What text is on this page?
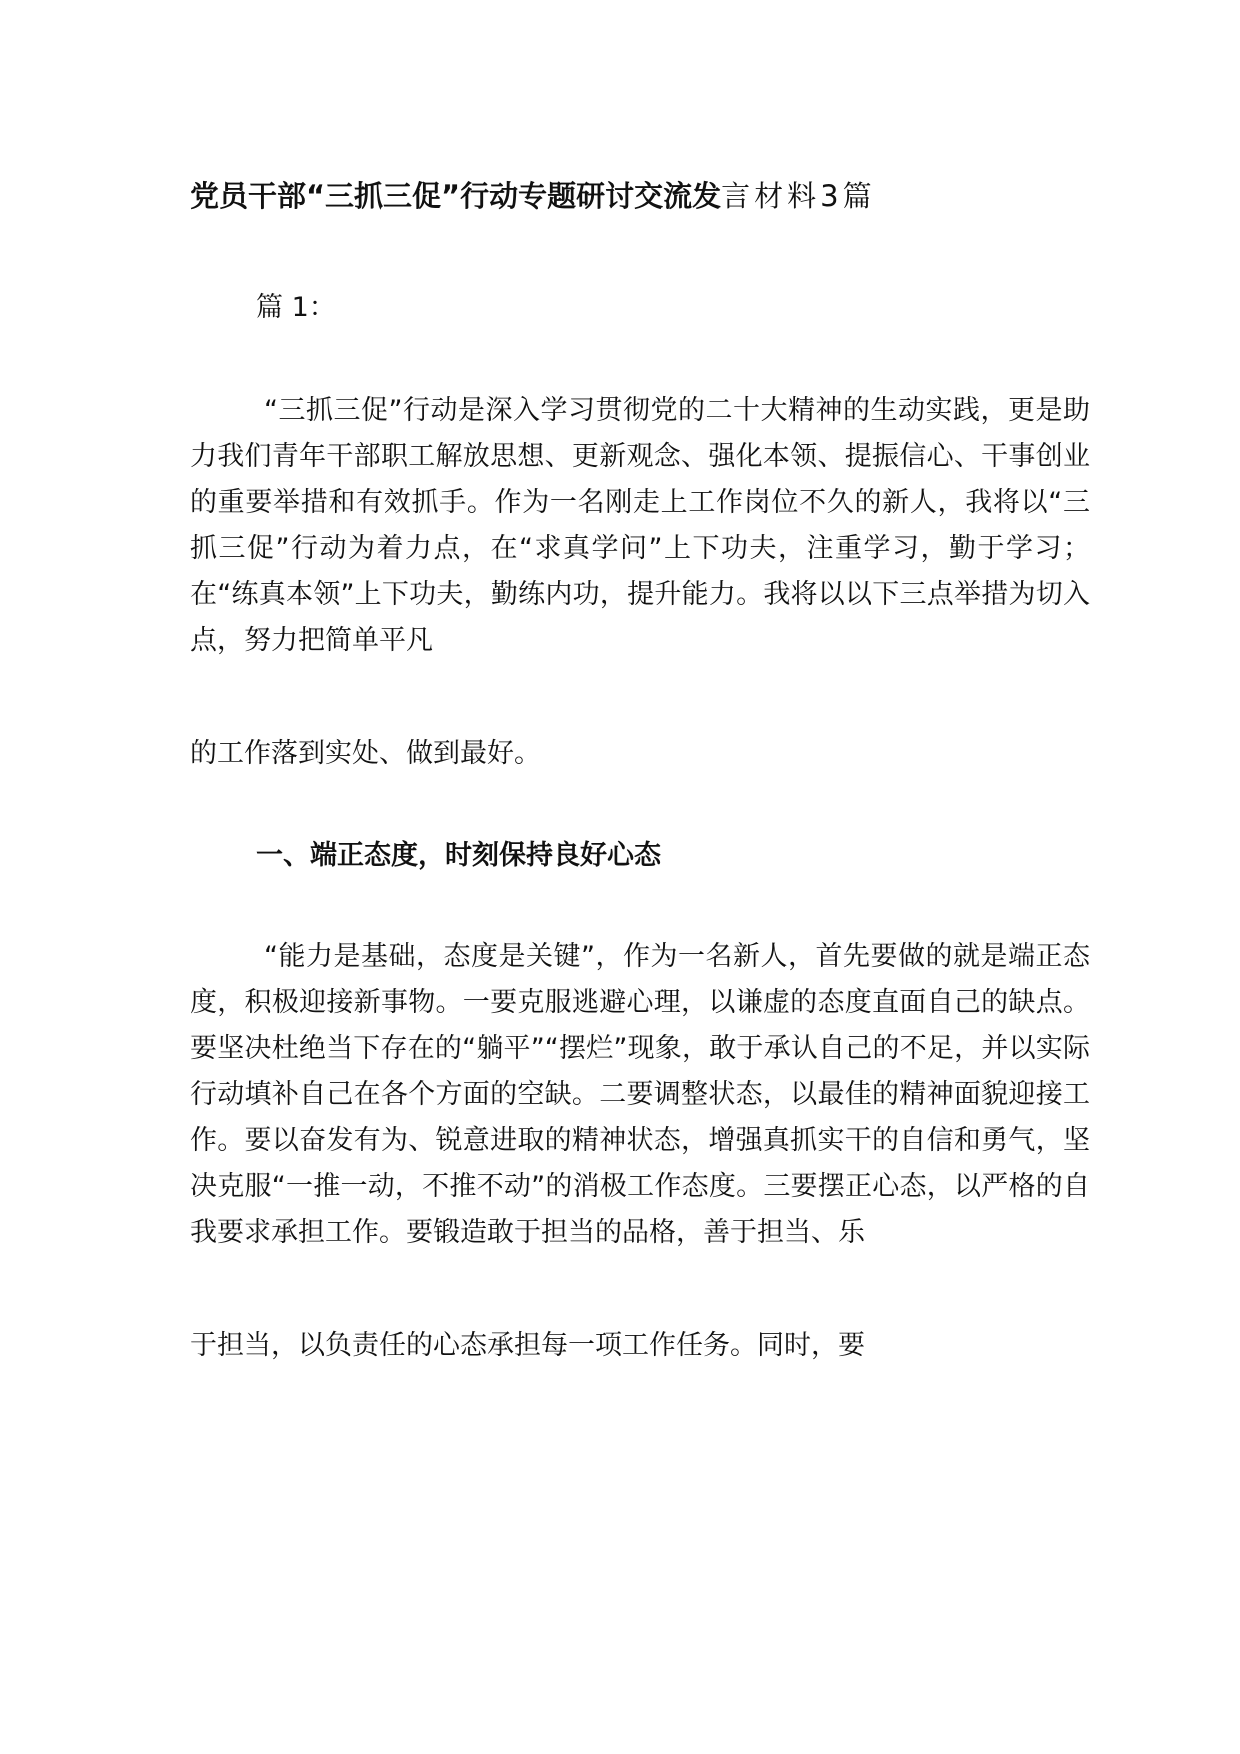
党员干部“三抓三促”行动专题研讨交流发言材料3篇
篇 1：
“三抓三促”行动是深入学习贯彻党的二十大精神的生动实践，更是助力我们青年干部职工解放思想、更新观念、强化本领、提振信心、干事创业的重要举措和有效抓手。作为一名刚走上工作岗位不久的新人，我将以“三抓三促”行动为着力点，在“求真学问”上下功夫，注重学习，勤于学习；在“练真本领”上下功夫，勤练内功，提升能力。我将以以下三点举措为切入点，努力把简单平凡
的工作落到实处、做到最好。
一、端正态度，时刻保持良好心态
“能力是基础，态度是关键”，作为一名新人，首先要做的就是端正态度，积极迎接新事物。一要克服逃避心理，以谦虚的态度直面自己的缺点。要坚决杜绝当下存在的“躺平”“摆烂”现象，敢于承认自己的不足，并以实际行动填补自己在各个方面的空缺。二要调整状态，以最佳的精神面貌迎接工作。要以奋发有为、锐意进取的精神状态，增强真抓实干的自信和勇气，坚决克服“一推一动，不推不动”的消极工作态度。三要摆正心态，以严格的自我要求承担工作。要锻造敢于担当的品格，善于担当、乐
于担当，以负责任的心态承担每一项工作任务。同时，要
